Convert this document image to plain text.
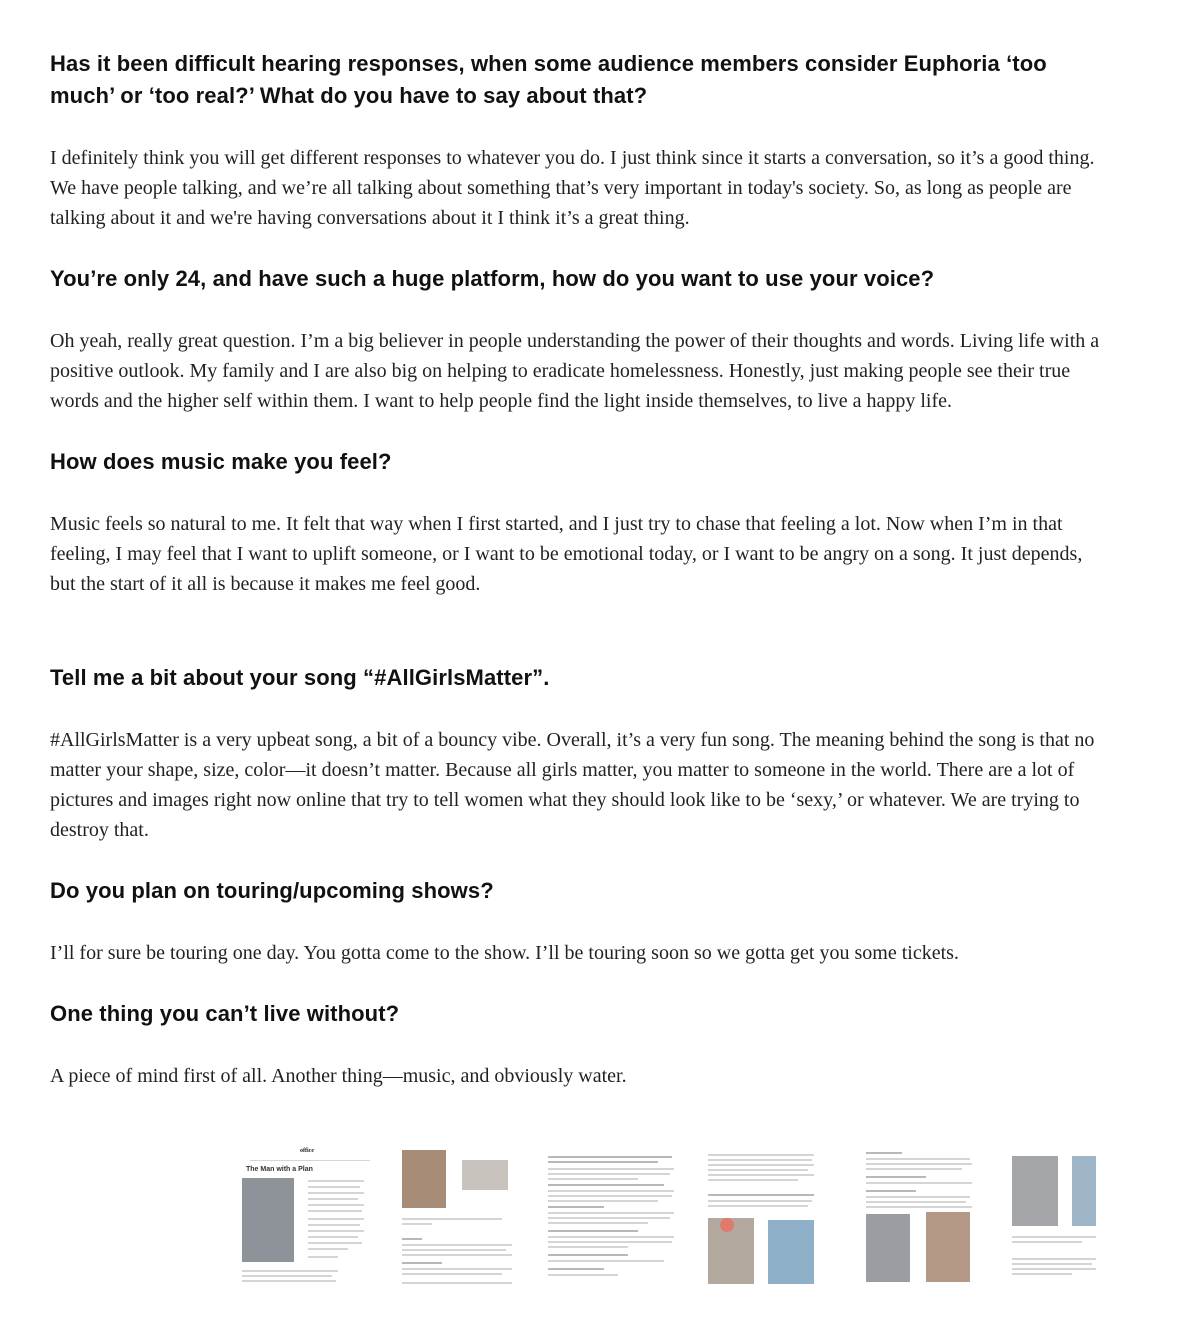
Has it been difficult hearing responses, when some audience members consider Euphoria ‘too much’ or ‘too real?’ What do you have to say about that?

I definitely think you will get different responses to whatever you do. I just think since it starts a conversation, so it’s a good thing. We have people talking, and we’re all talking about something that’s very important in today's society. So, as long as people are talking about it and we're having conversations about it I think it’s a great thing.

You’re only 24, and have such a huge platform, how do you want to use your voice?

Oh yeah, really great question. I’m a big believer in people understanding the power of their thoughts and words. Living life with a positive outlook. My family and I are also big on helping to eradicate homelessness. Honestly, just making people see their true words and the higher self within them. I want to help people find the light inside themselves, to live a happy life.

How does music make you feel?

Music feels so natural to me. It felt that way when I first started, and I just try to chase that feeling a lot. Now when I’m in that feeling, I may feel that I want to uplift someone, or I want to be emotional today, or I want to be angry on a song. It just depends, but the start of it all is because it makes me feel good.

Tell me a bit about your song “#AllGirlsMatter”.

#AllGirlsMatter is a very upbeat song, a bit of a bouncy vibe. Overall, it’s a very fun song. The meaning behind the song is that no matter your shape, size, color—it doesn’t matter. Because all girls matter, you matter to someone in the world. There are a lot of pictures and images right now online that try to tell women what they should look like to be ‘sexy,’ or whatever. We are trying to destroy that.

Do you plan on touring/upcoming shows?

I’ll for sure be touring one day. You gotta come to the show. I’ll be touring soon so we gotta get you some tickets.

One thing you can’t live without?

A piece of mind first of all. Another thing—music, and obviously water.

office
The Man with a Plan
